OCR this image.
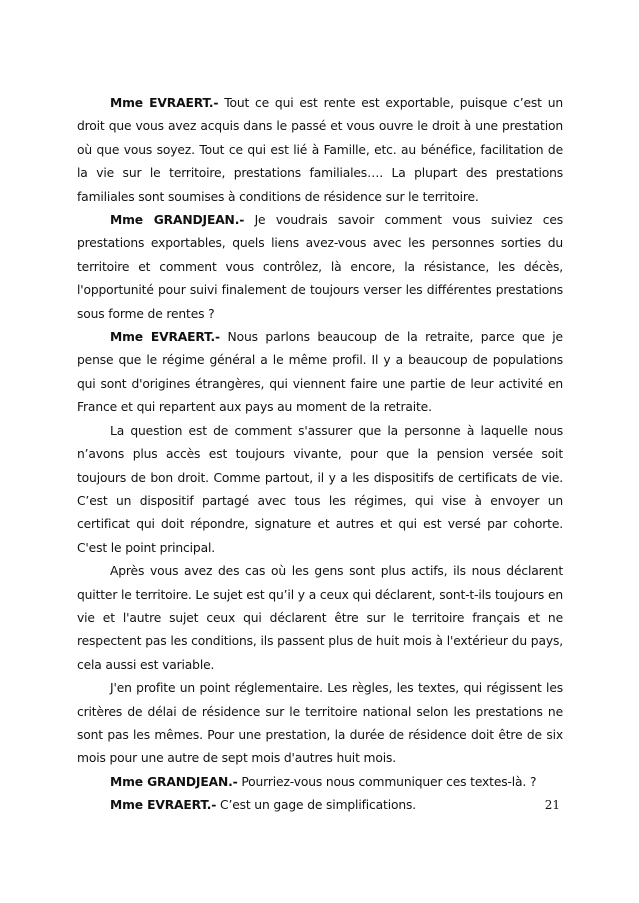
Mme EVRAERT.- Tout ce qui est rente est exportable, puisque c’est un droit que vous avez acquis dans le passé et vous ouvre le droit à une prestation où que vous soyez. Tout ce qui est lié à Famille, etc. au bénéfice, facilitation de la vie sur le territoire, prestations familiales…. La plupart des prestations familiales sont soumises à conditions de résidence sur le territoire.

Mme GRANDJEAN.- Je voudrais savoir comment vous suiviez ces prestations exportables, quels liens avez-vous avec les personnes sorties du territoire et comment vous contrôlez, là encore, la résistance, les décès, l'opportunité pour suivi finalement de toujours verser les différentes prestations sous forme de rentes ?

Mme EVRAERT.- Nous parlons beaucoup de la retraite, parce que je pense que le régime général a le même profil. Il y a beaucoup de populations qui sont d'origines étrangères, qui viennent faire une partie de leur activité en France et qui repartent aux pays au moment de la retraite.

La question est de comment s'assurer que la personne à laquelle nous n’avons plus accès est toujours vivante, pour que la pension versée soit toujours de bon droit. Comme partout, il y a les dispositifs de certificats de vie. C’est un dispositif partagé avec tous les régimes, qui vise à envoyer un certificat qui doit répondre, signature et autres et qui est versé par cohorte. C'est le point principal.

Après vous avez des cas où les gens sont plus actifs, ils nous déclarent quitter le territoire. Le sujet est qu’il y a ceux qui déclarent, sont-t-ils toujours en vie et l'autre sujet ceux qui déclarent être sur le territoire français et ne respectent pas les conditions, ils passent plus de huit mois à l'extérieur du pays, cela aussi est variable.

J'en profite un point réglementaire. Les règles, les textes, qui régissent les critères de délai de résidence sur le territoire national selon les prestations ne sont pas les mêmes. Pour une prestation, la durée de résidence doit être de six mois pour une autre de sept mois d'autres huit mois.

Mme GRANDJEAN.- Pourriez-vous nous communiquer ces textes-là. ?

Mme EVRAERT.- C’est un gage de simplifications.	21
